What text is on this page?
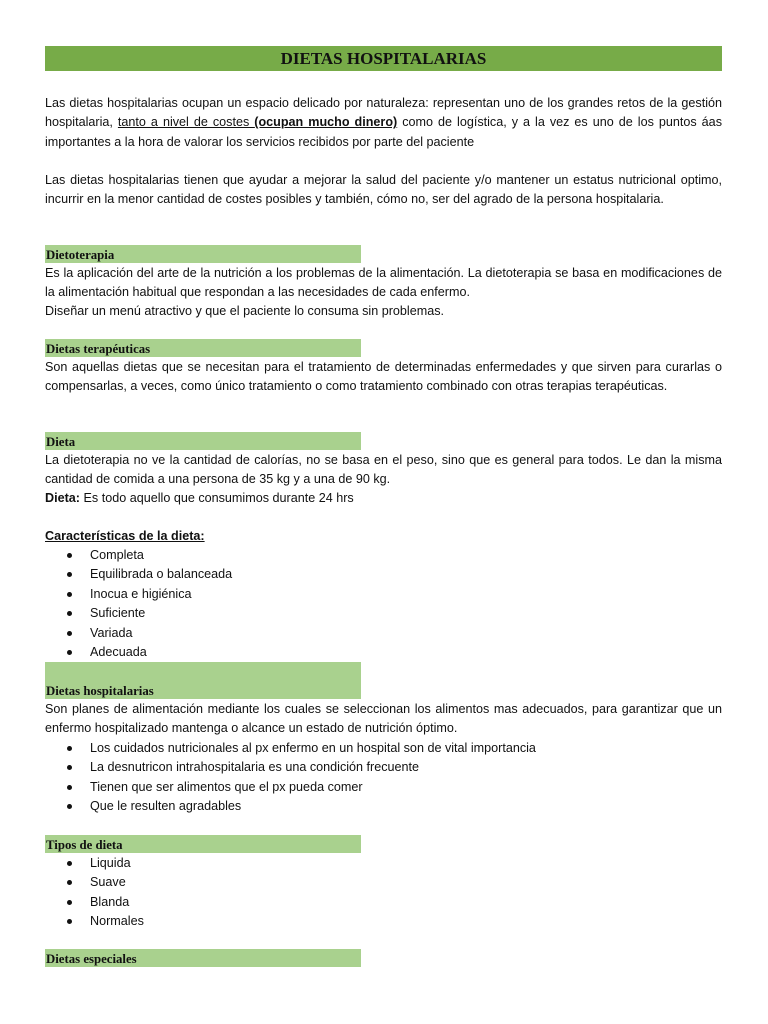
DIETAS HOSPITALARIAS
Las dietas hospitalarias ocupan un espacio delicado por naturaleza: representan uno de los grandes retos de la gestión hospitalaria, tanto a nivel de costes (ocupan mucho dinero) como de logística, y a la vez es uno de los puntos áas importantes a la hora de valorar los servicios recibidos por parte del paciente
Las dietas hospitalarias tienen que ayudar a mejorar la salud del paciente y/o mantener un estatus nutricional optimo, incurrir en la menor cantidad de costes posibles y también, cómo no, ser del agrado de la persona hospitalaria.
Dietoterapia
Es la aplicación del arte de la nutrición a los problemas de la alimentación. La dietoterapia se basa en modificaciones de la alimentación habitual que respondan a las necesidades de cada enfermo.
Diseñar un menú atractivo y que el paciente lo consuma sin problemas.
Dietas terapéuticas
Son aquellas dietas que se necesitan para el tratamiento de determinadas enfermedades y que sirven para curarlas o compensarlas, a veces, como único tratamiento o como tratamiento combinado con otras terapias terapéuticas.
Dieta
La dietoterapia no ve la cantidad de calorías, no se basa en el peso, sino que es general para todos. Le dan la misma cantidad de comida a una persona de 35 kg y a una de 90 kg.
Dieta: Es todo aquello que consumimos durante 24 hrs
Características de la dieta:
Completa
Equilibrada o balanceada
Inocua e higiénica
Suficiente
Variada
Adecuada
Dietas hospitalarias
Son planes de alimentación mediante los cuales se seleccionan los alimentos mas adecuados, para garantizar que un enfermo hospitalizado mantenga o alcance un estado de nutrición óptimo.
Los cuidados nutricionales al px enfermo en un hospital son de vital importancia
La desnutricon intrahospitalaria es una condición frecuente
Tienen que ser alimentos que el px pueda comer
Que le resulten agradables
Tipos de dieta
Liquida
Suave
Blanda
Normales
Dietas especiales
